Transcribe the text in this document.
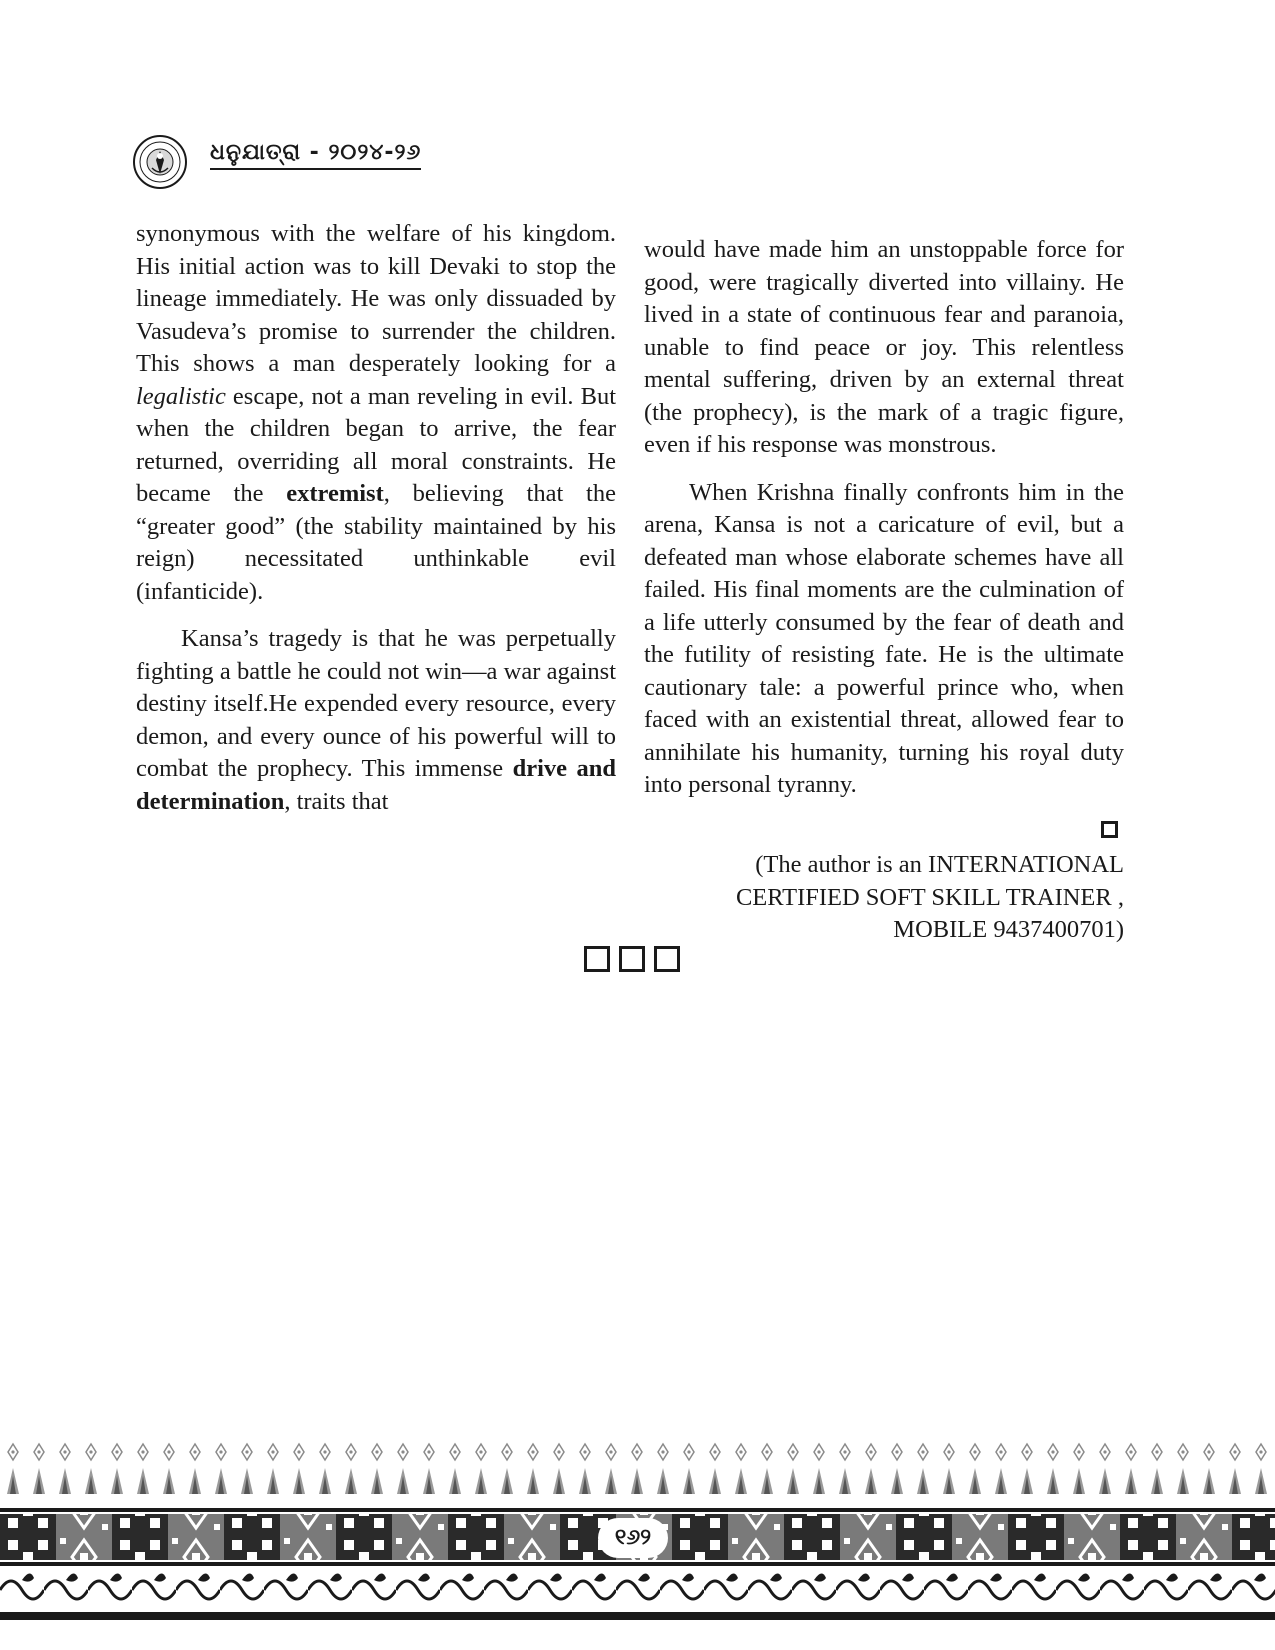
ଧନୁଯାତ୍ରା - ୨୦୨୪-୨୬

synonymous with the welfare of his kingdom. His initial action was to kill Devaki to stop the lineage immediately. He was only dissuaded by Vasudeva’s promise to surrender the children. This shows a man desperately looking for a legalistic escape, not a man reveling in evil. But when the children began to arrive, the fear returned, overriding all moral constraints. He became the extremist, believing that the “greater good” (the stability maintained by his reign) necessitated unthinkable evil (infanticide).

Kansa’s tragedy is that he was perpetually fighting a battle he could not win—a war against destiny itself.He expended every resource, every demon, and every ounce of his powerful will to combat the prophecy. This immense drive and determination, traits that

would have made him an unstoppable force for good, were tragically diverted into villainy. He lived in a state of continuous fear and paranoia, unable to find peace or joy. This relentless mental suffering, driven by an external threat (the prophecy), is the mark of a tragic figure, even if his response was monstrous.

When Krishna finally confronts him in the arena, Kansa is not a caricature of evil, but a defeated man whose elaborate schemes have all failed. His final moments are the culmination of a life utterly consumed by the fear of death and the futility of resisting fate. He is the ultimate cautionary tale: a powerful prince who, when faced with an existential threat, allowed fear to annihilate his humanity, turning his royal duty into personal tyranny.

(The author is an INTERNATIONAL
CERTIFIED SOFT SKILL TRAINER ,
MOBILE 9437400701)
୧୬୨
